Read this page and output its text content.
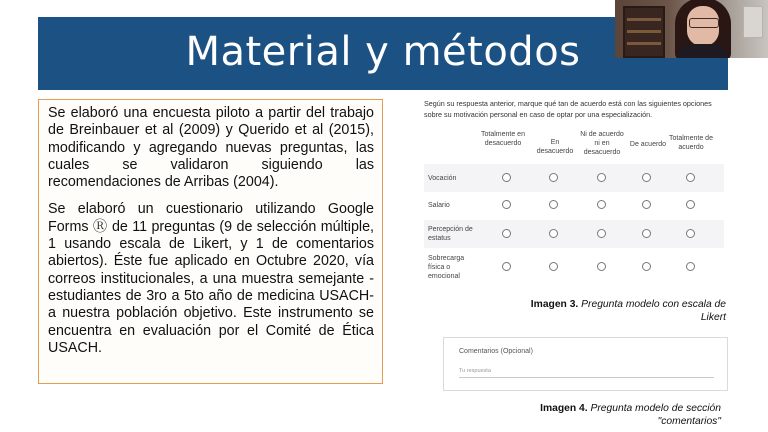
Material y métodos

Se elaboró una encuesta piloto a partir del trabajo de Breinbauer et al (2009) y Querido et al (2015), modificando y agregando nuevas preguntas, las cuales se validaron siguiendo las recomendaciones de Arribas (2004).

Se elaboró un cuestionario utilizando Google Forms Ⓡ de 11 preguntas (9 de selección múltiple, 1 usando escala de Likert, y 1 de comentarios abiertos). Éste fue aplicado en Octubre 2020, vía correos institucionales, a una muestra semejante -estudiantes de 3ro a 5to año de medicina USACH- a nuestra población objetivo. Este instrumento se encuentra en evaluación por el Comité de Ética USACH.

Según su respuesta anterior, marque qué tan de acuerdo está con las siguientes opciones sobre su motivación personal en caso de optar por una especialización.
Totalmente en desacuerdo	En desacuerdo
Ni de acuerdo ni en desacuerdo
De acuerdo
Totalmente de acuerdo
Vocación
Salario
Percepción de estatus
Sobrecarga física o emocional
Imagen 3. Pregunta modelo con escala de Likert
Comentarios (Opcional)
Tu respuesta
Imagen 4. Pregunta modelo de sección "comentarios"
